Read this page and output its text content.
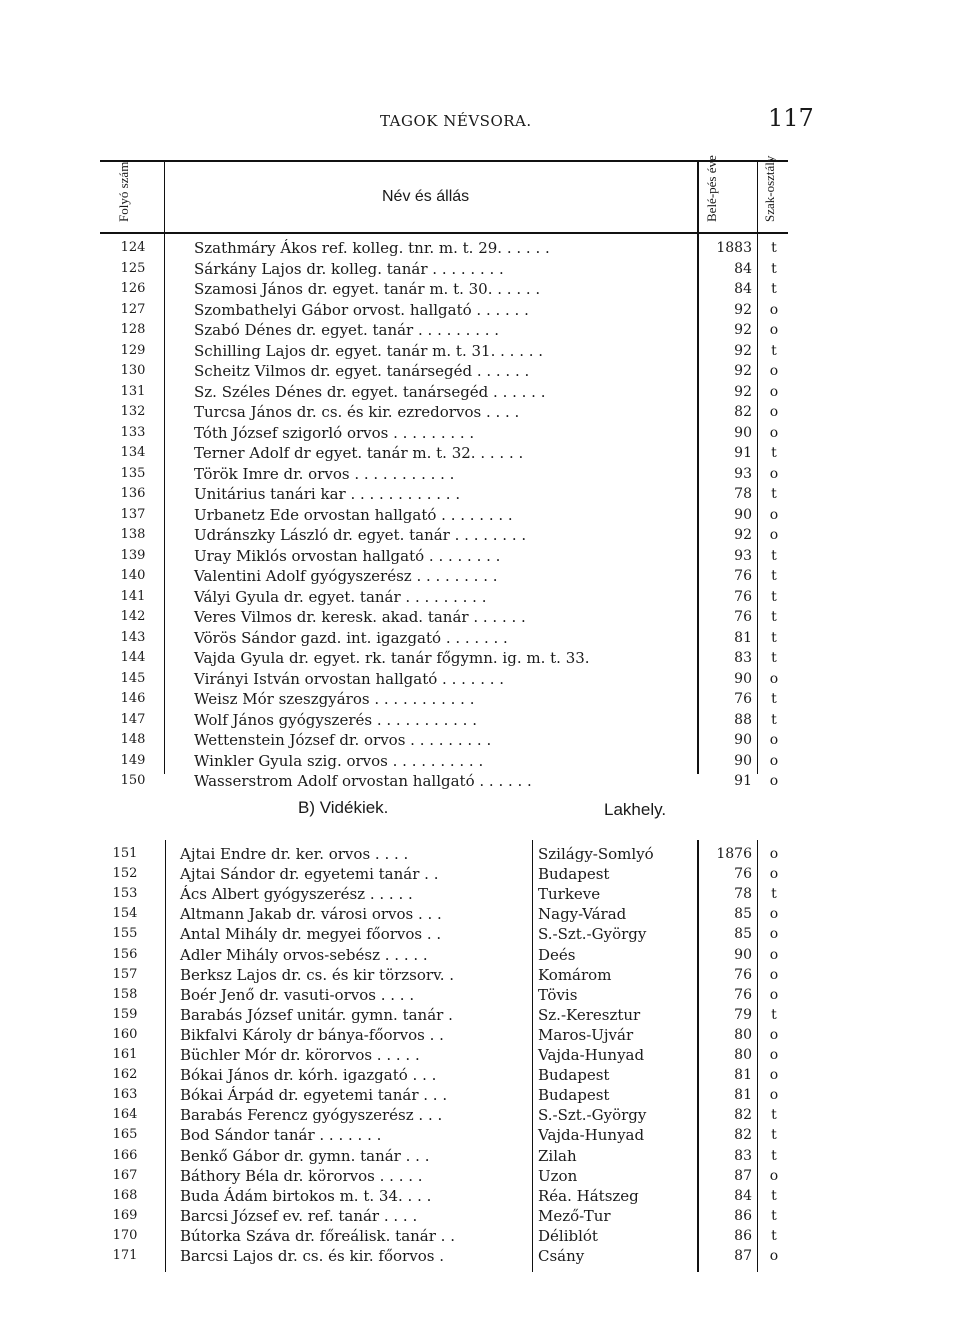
TAGOK NÉVSORA.	117
Folyó szám	Név és állás	Belé-pés éve	Szak-osztály
124	Szathmáry Ákos ref. kolleg. tnr. m. t. 29. . . . . .	1883	t
125	Sárkány Lajos dr. kolleg. tanár . . . . . . . .	84	t
126	Szamosi János dr. egyet. tanár m. t. 30. . . . . .	84	t
127	Szombathelyi Gábor orvost. hallgató . . . . . .	92	o
128	Szabó Dénes dr. egyet. tanár . . . . . . . . .	92	o
129	Schilling Lajos dr. egyet. tanár m. t. 31. . . . . .	92	t
130	Scheitz Vilmos dr. egyet. tanársegéd . . . . . .	92	o
131	Sz. Széles Dénes dr. egyet. tanársegéd . . . . . .	92	o
132	Turcsa János dr. cs. és kir. ezredorvos . . . .	82	o
133	Tóth József szigorló orvos . . . . . . . . .	90	o
134	Terner Adolf dr egyet. tanár m. t. 32. . . . . .	91	t
135	Török Imre dr. orvos . . . . . . . . . . .	93	o
136	Unitárius tanári kar . . . . . . . . . . . .	78	t
137	Urbanetz Ede orvostan hallgató . . . . . . . .	90	o
138	Udránszky László dr. egyet. tanár . . . . . . . .	92	o
139	Uray Miklós orvostan hallgató . . . . . . . .	93	t
140	Valentini Adolf gyógyszerész . . . . . . . . .	76	t
141	Vályi Gyula dr. egyet. tanár . . . . . . . . .	76	t
142	Veres Vilmos dr. keresk. akad. tanár . . . . . .	76	t
143	Vörös Sándor gazd. int. igazgató . . . . . . .	81	t
144	Vajda Gyula dr. egyet. rk. tanár főgymn. ig. m. t. 33.	83	t
145	Virányi István orvostan hallgató . . . . . . .	90	o
146	Weisz Mór szeszgyáros . . . . . . . . . . .	76	t
147	Wolf János gyógyszerés . . . . . . . . . . .	88	t
148	Wettenstein József dr. orvos . . . . . . . . .	90	o
149	Winkler Gyula szig. orvos . . . . . . . . . .	90	o
150	Wasserstrom Adolf orvostan hallgató . . . . . .	91	o
B) Vidékiek.	Lakhely.
151	Ajtai Endre dr. ker. orvos . . . .	Szilágy-Somlyó	1876	o
152	Ajtai Sándor dr. egyetemi tanár . .	Budapest	76	o
153	Ács Albert gyógyszerész . . . . .	Turkeve	78	t
154	Altmann Jakab dr. városi orvos . . .	Nagy-Várad	85	o
155	Antal Mihály dr. megyei főorvos . .	S.-Szt.-György	85	o
156	Adler Mihály orvos-sebész . . . . .	Deés	90	o
157	Berksz Lajos dr. cs. és kir törzsorv. .	Komárom	76	o
158	Boér Jenő dr. vasuti-orvos . . . .	Tövis	76	o
159	Barabás József unitár. gymn. tanár .	Sz.-Keresztur	79	t
160	Bikfalvi Károly dr bánya-főorvos . .	Maros-Ujvár	80	o
161	Büchler Mór dr. körorvos . . . . .	Vajda-Hunyad	80	o
162	Bókai János dr. kórh. igazgató . . .	Budapest	81	o
163	Bókai Árpád dr. egyetemi tanár . . .	Budapest	81	o
164	Barabás Ferencz gyógyszerész . . .	S.-Szt.-György	82	t
165	Bod Sándor tanár . . . . . . .	Vajda-Hunyad	82	t
166	Benkő Gábor dr. gymn. tanár . . .	Zilah	83	t
167	Báthory Béla dr. körorvos . . . . .	Uzon	87	o
168	Buda Ádám birtokos m. t. 34. . . .	Réa. Hátszeg	84	t
169	Barcsi József ev. ref. tanár . . . .	Mező-Tur	86	t
170	Bútorka Száva dr. főreálisk. tanár . .	Déliblót	86	t
171	Barcsi Lajos dr. cs. és kir. főorvos .	Csány	87	o
